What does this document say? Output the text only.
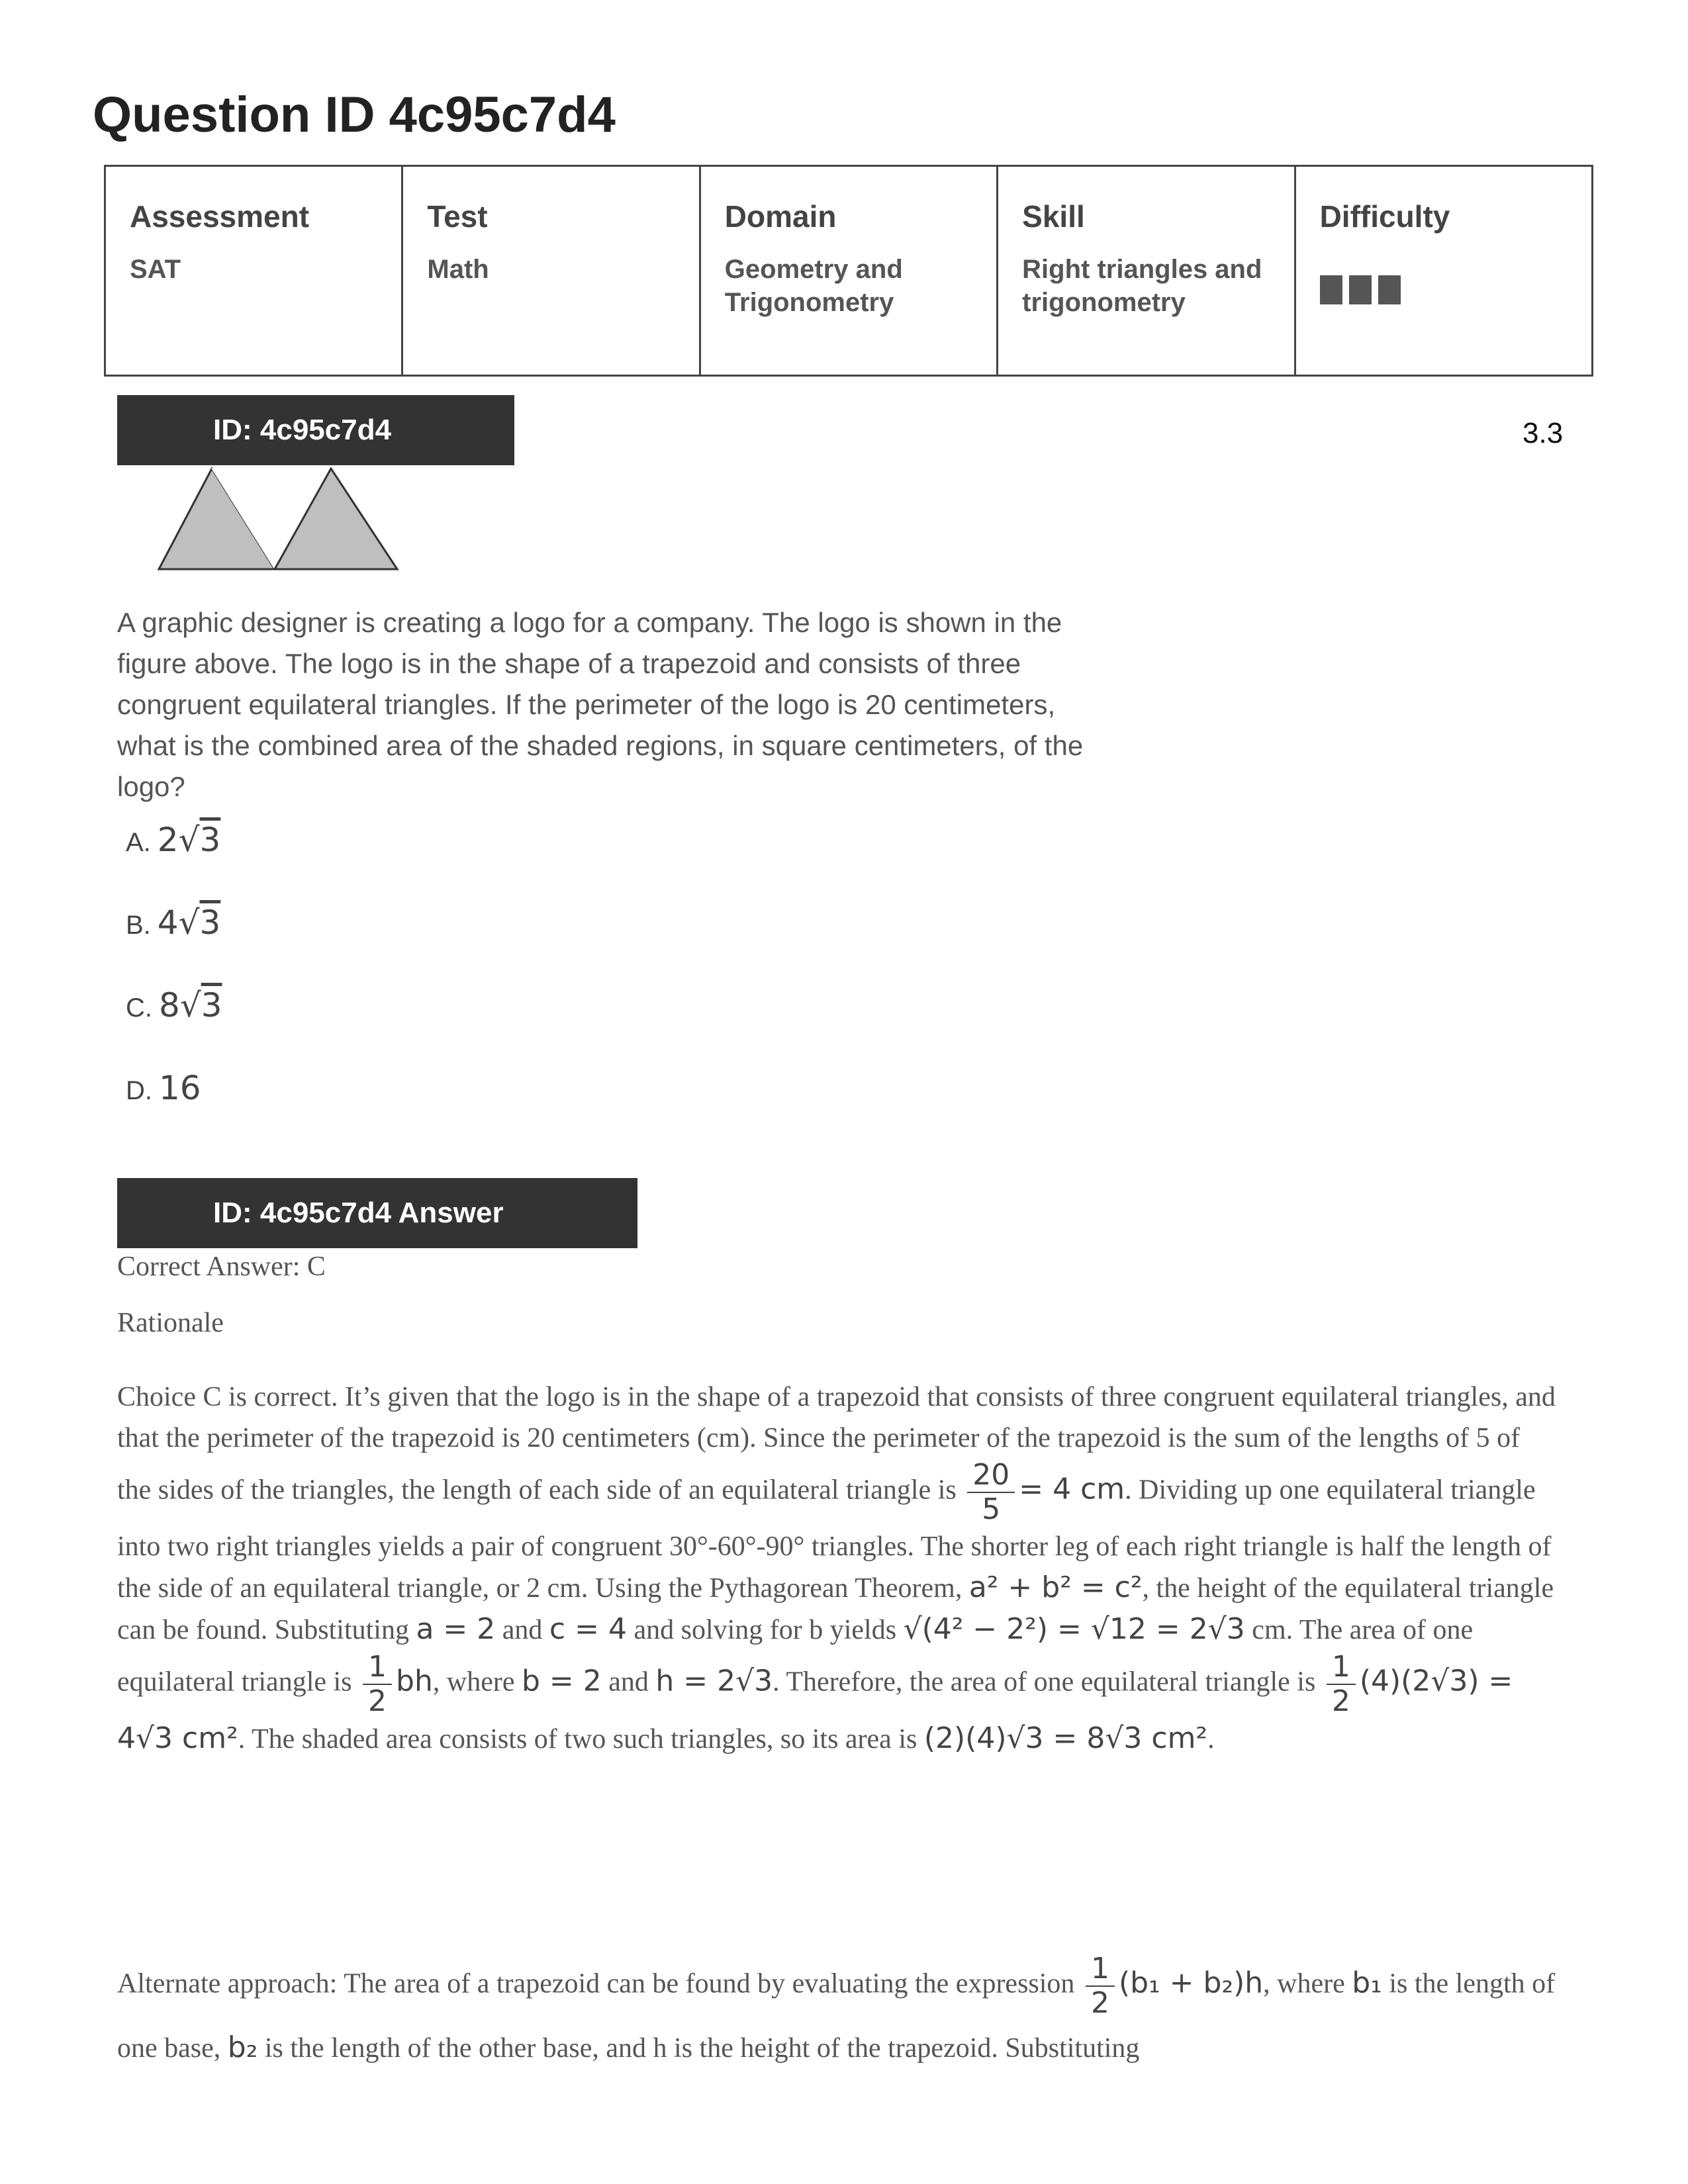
Question ID 4c95c7d4
Assessment
SAT

Test
Math

Domain
Geometry and Trigonometry

Skill
Right triangles and trigonometry

Difficulty
ID: 4c95c7d4	3.3
A graphic designer is creating a logo for a company. The logo is shown in the figure above. The logo is in the shape of a trapezoid and consists of three congruent equilateral triangles. If the perimeter of the logo is 20 centimeters, what is the combined area of the shaded regions, in square centimeters, of the logo?
A. 2√3
B. 4√3
C. 8√3
D. 16
ID: 4c95c7d4 Answer
Correct Answer: C
Rationale
Choice C is correct. It’s given that the logo is in the shape of a trapezoid that consists of three congruent equilateral triangles, and that the perimeter of the trapezoid is 20 centimeters (cm). Since the perimeter of the trapezoid is the sum of the lengths of 5 of the sides of the triangles, the length of each side of an equilateral triangle is $\frac{20}{5} = 4$ cm. Dividing up one equilateral triangle into two right triangles yields a pair of congruent 30°-60°-90° triangles. The shorter leg of each right triangle is half the length of the side of an equilateral triangle, or 2 cm. Using the Pythagorean Theorem, a² + b² = c², the height of the equilateral triangle can be found. Substituting a = 2 and c = 4 and solving for b yields √(4² − 2²) = √12 = 2√3 cm. The area of one equilateral triangle is $\frac{1}{2}$ bh, where b = 2 and h = 2√3. Therefore, the area of one equilateral triangle is $\frac{1}{2} (4)(2√3) = 4√3$ cm². The shaded area consists of two such triangles, so its area is (2)(4)√3 = 8√3 cm².
Alternate approach: The area of a trapezoid can be found by evaluating the expression $\frac{1}{2} (b_1 + b_2)h$, where b₁ is the length of one base, b₂ is the length of the other base, and h is the height of the trapezoid. Substituting
